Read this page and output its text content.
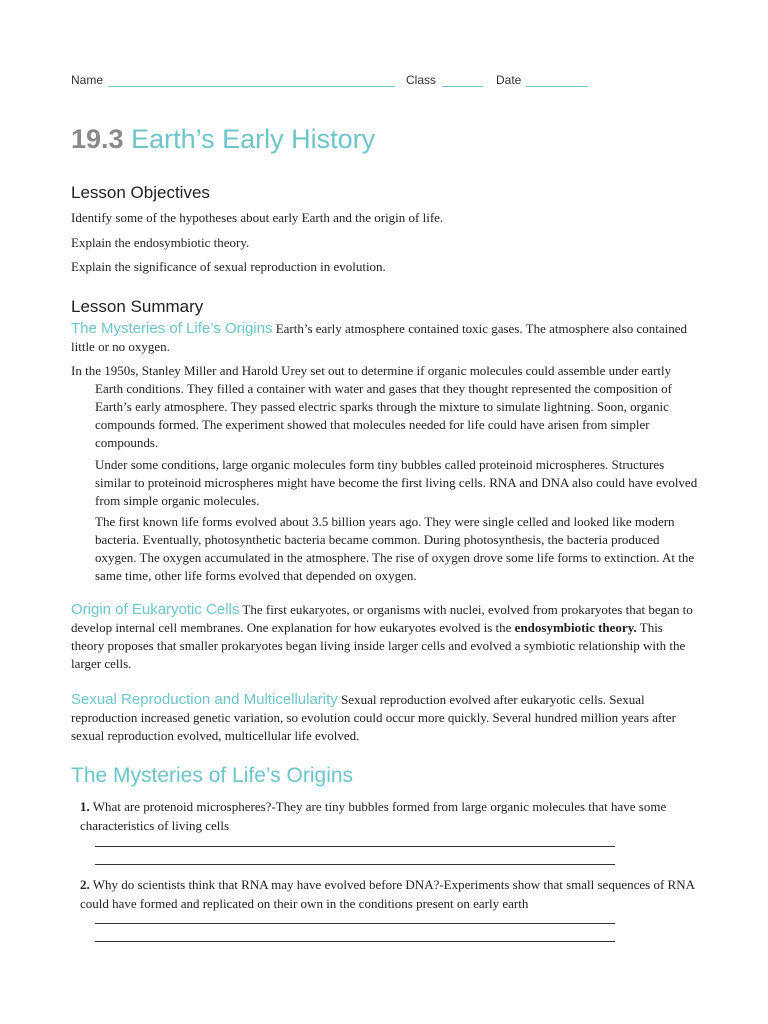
Name	Class	Date
19.3 Earth’s Early History
Lesson Objectives
Identify some of the hypotheses about early Earth and the origin of life.
Explain the endosymbiotic theory.
Explain the significance of sexual reproduction in evolution.
Lesson Summary
The Mysteries of Life’s Origins Earth’s early atmosphere contained toxic gases. The atmosphere also contained little or no oxygen.
In the 1950s, Stanley Miller and Harold Urey set out to determine if organic molecules could assemble under eartly Earth conditions. They filled a container with water and gases that they thought represented the composition of Earth’s early atmosphere. They passed electric sparks through the mixture to simulate lightning. Soon, organic compounds formed. The experiment showed that molecules needed for life could have arisen from simpler compounds.
Under some conditions, large organic molecules form tiny bubbles called proteinoid microspheres. Structures similar to proteinoid microspheres might have become the first living cells. RNA and DNA also could have evolved from simple organic molecules.
The first known life forms evolved about 3.5 billion years ago. They were single celled and looked like modern bacteria. Eventually, photosynthetic bacteria became common. During photosynthesis, the bacteria produced oxygen. The oxygen accumulated in the atmosphere. The rise of oxygen drove some life forms to extinction. At the same time, other life forms evolved that depended on oxygen.
Origin of Eukaryotic Cells The first eukaryotes, or organisms with nuclei, evolved from prokaryotes that began to develop internal cell membranes. One explanation for how eukaryotes evolved is the endosymbiotic theory. This theory proposes that smaller prokaryotes began living inside larger cells and evolved a symbiotic relationship with the larger cells.
Sexual Reproduction and Multicellularity Sexual reproduction evolved after eukaryotic cells. Sexual reproduction increased genetic variation, so evolution could occur more quickly. Several hundred million years after sexual reproduction evolved, multicellular life evolved.
The Mysteries of Life’s Origins
1. What are protenoid microspheres?-They are tiny bubbles formed from large organic molecules that have some characteristics of living cells
2. Why do scientists think that RNA may have evolved before DNA?-Experiments show that small sequences of RNA could have formed and replicated on their own in the conditions present on early earth
